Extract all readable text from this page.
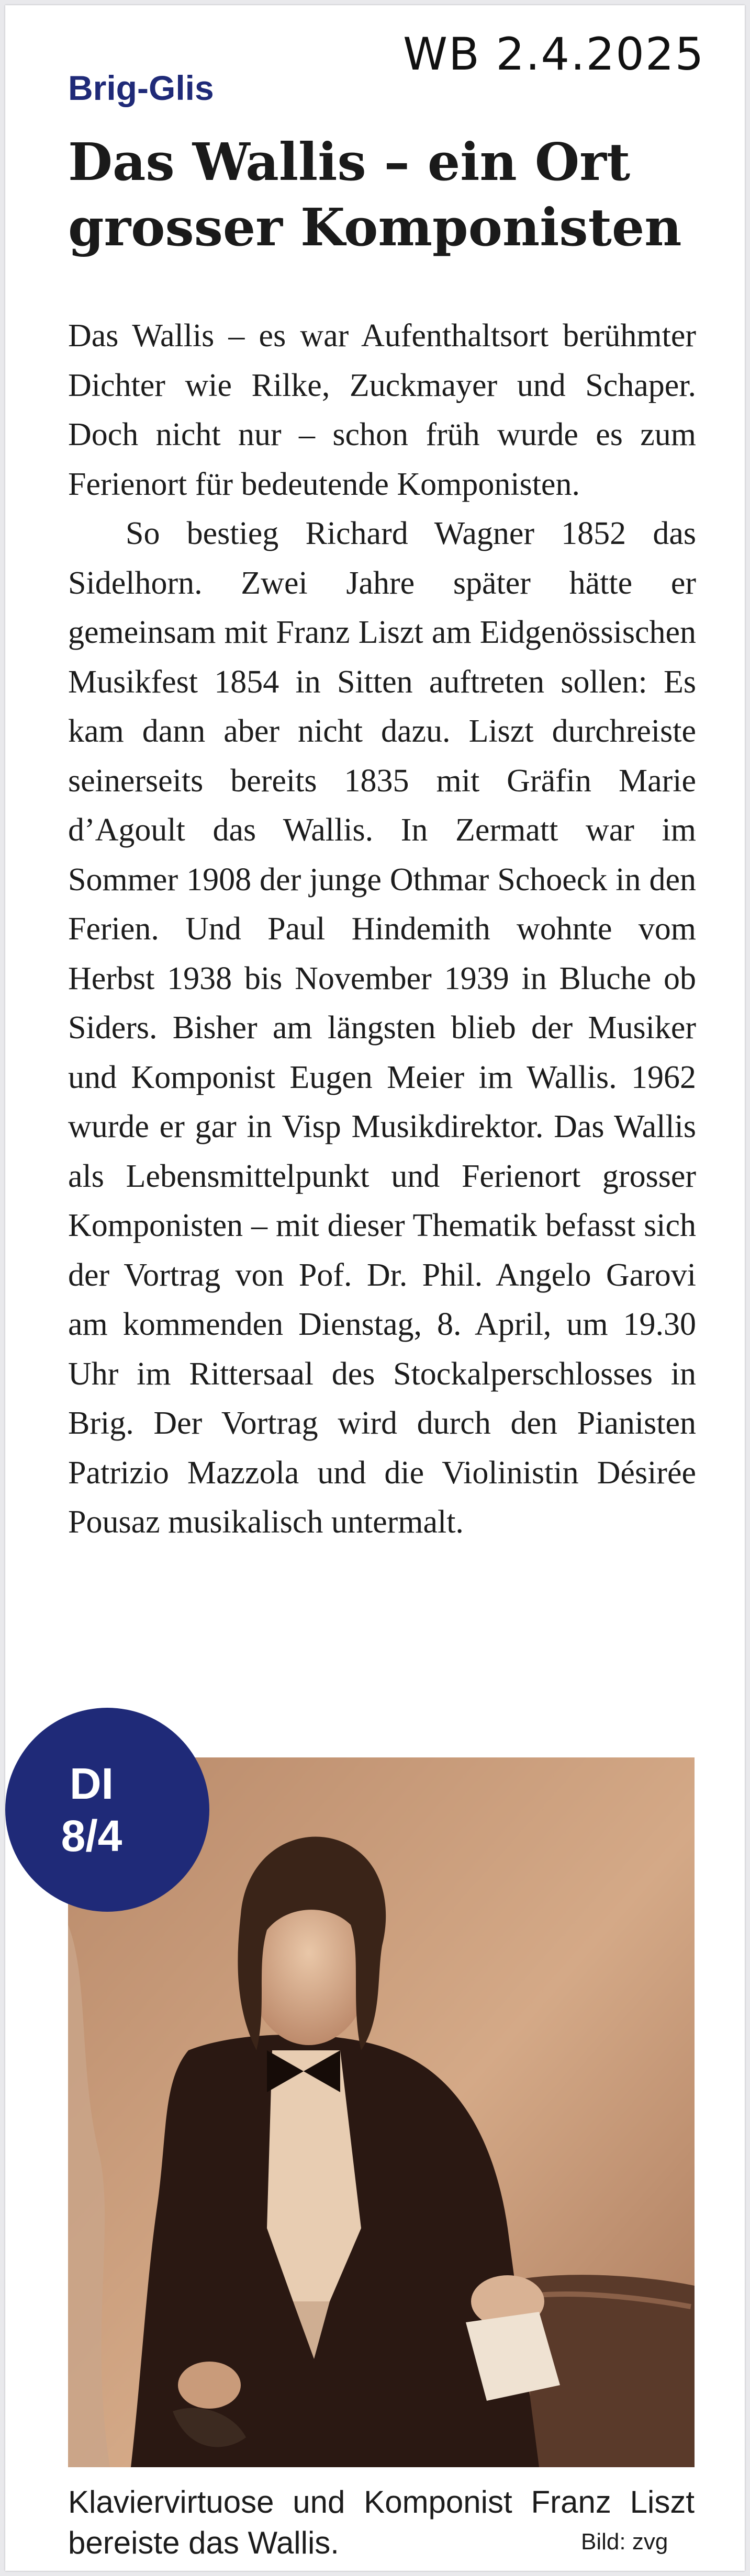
WB 2.4.2025
Brig-Glis
Das Wallis – ein Ort grosser Komponisten

Das Wallis – es war Aufenthaltsort berühmter Dichter wie Rilke, Zuckmayer und Schaper. Doch nicht nur – schon früh wurde es zum Ferienort für bedeutende Komponisten.

So bestieg Richard Wagner 1852 das Sidelhorn. Zwei Jahre später hätte er gemeinsam mit Franz Liszt am Eidgenössischen Musikfest 1854 in Sitten auftreten sollen: Es kam dann aber nicht dazu. Liszt durchreiste seinerseits bereits 1835 mit Gräfin Marie d’Agoult das Wallis. In Zermatt war im Sommer 1908 der junge Othmar Schoeck in den Ferien. Und Paul Hindemith wohnte vom Herbst 1938 bis November 1939 in Bluche ob Siders. Bisher am längsten blieb der Musiker und Komponist Eugen Meier im Wallis. 1962 wurde er gar in Visp Musikdirektor. Das Wallis als Lebensmittelpunkt und Ferienort grosser Komponisten – mit dieser Thematik befasst sich der Vortrag von Pof. Dr. Phil. Angelo Garovi am kommenden Dienstag, 8. April, um 19.30 Uhr im Rittersaal des Stockalperschlosses in Brig. Der Vortrag wird durch den Pianisten Patrizio Mazzola und die Violinistin Désirée Pousaz musikalisch untermalt.

DI
8/4
Klaviervirtuose und Komponist Franz Liszt bereiste das Wallis.	Bild: zvg
